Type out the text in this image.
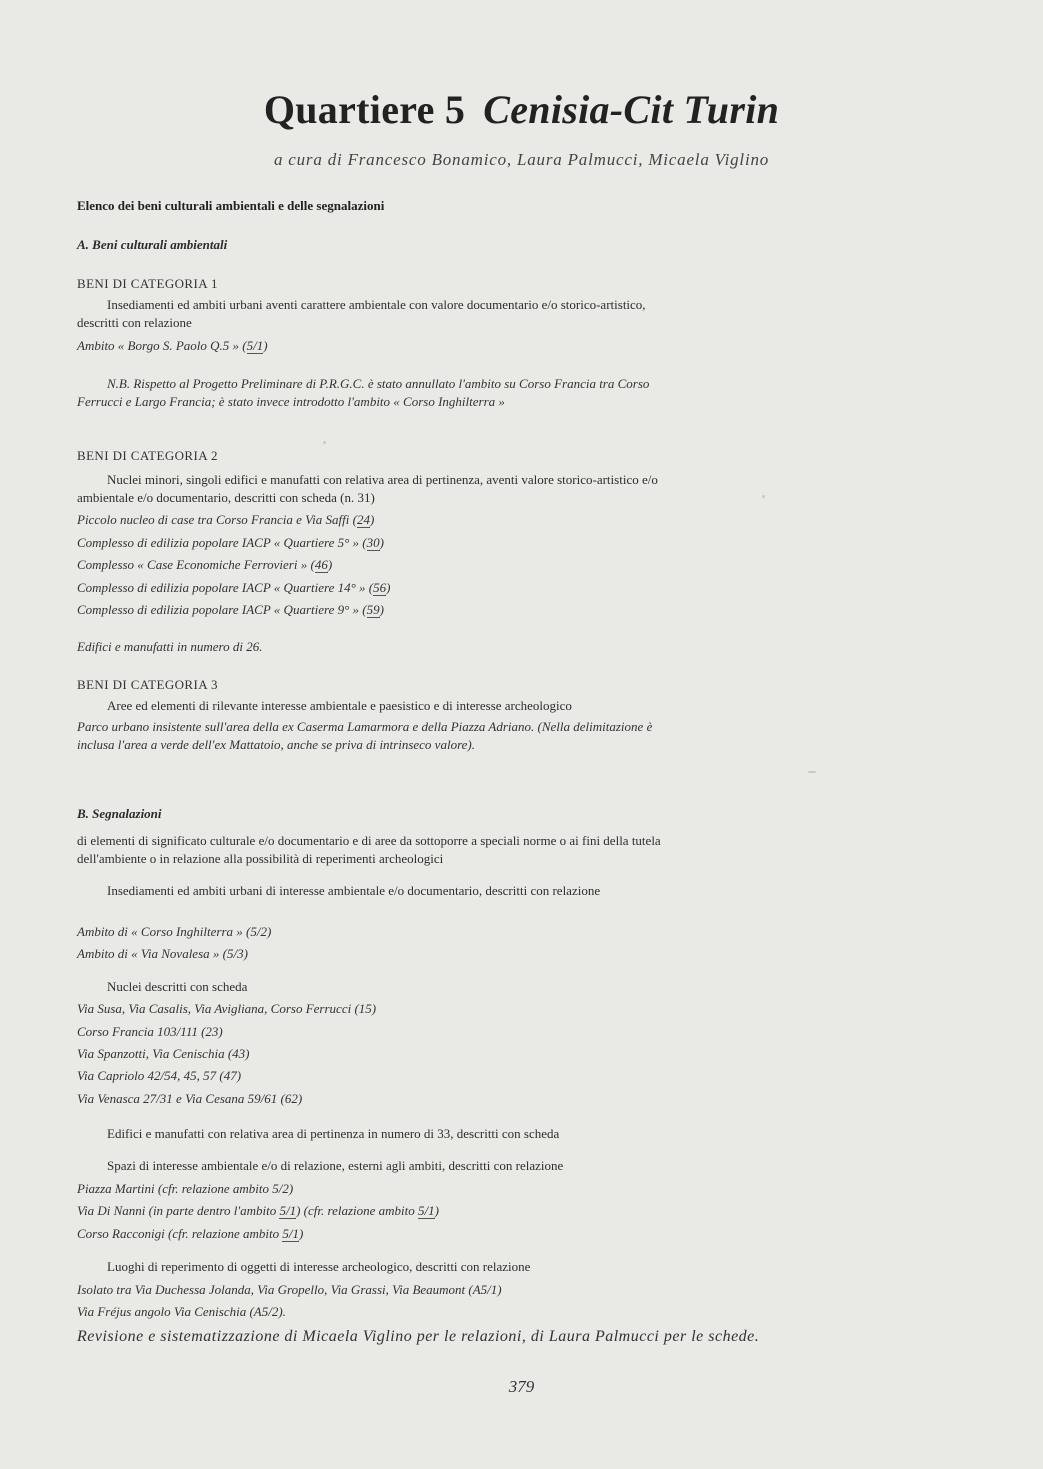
Quartiere 5 Cenisia-Cit Turin
a cura di Francesco Bonamico, Laura Palmucci, Micaela Viglino
Elenco dei beni culturali ambientali e delle segnalazioni
A. Beni culturali ambientali
BENI DI CATEGORIA 1
Insediamenti ed ambiti urbani aventi carattere ambientale con valore documentario e/o storico-artistico, descritti con relazione
Ambito « Borgo S. Paolo Q.5 » (5/1)
N.B. Rispetto al Progetto Preliminare di P.R.G.C. è stato annullato l'ambito su Corso Francia tra Corso Ferrucci e Largo Francia; è stato invece introdotto l'ambito « Corso Inghilterra »
BENI DI CATEGORIA 2
Nuclei minori, singoli edifici e manufatti con relativa area di pertinenza, aventi valore storico-artistico e/o ambientale e/o documentario, descritti con scheda (n. 31)
Piccolo nucleo di case tra Corso Francia e Via Saffi (24)
Complesso di edilizia popolare IACP « Quartiere 5° » (30)
Complesso « Case Economiche Ferrovieri » (46)
Complesso di edilizia popolare IACP « Quartiere 14° » (56)
Complesso di edilizia popolare IACP « Quartiere 9° » (59)
Edifici e manufatti in numero di 26.
BENI DI CATEGORIA 3
Aree ed elementi di rilevante interesse ambientale e paesistico e di interesse archeologico
Parco urbano insistente sull'area della ex Caserma Lamarmora e della Piazza Adriano. (Nella delimitazione è inclusa l'area a verde dell'ex Mattatoio, anche se priva di intrinseco valore).
B. Segnalazioni
di elementi di significato culturale e/o documentario e di aree da sottoporre a speciali norme o ai fini della tutela dell'ambiente o in relazione alla possibilità di reperimenti archeologici
Insediamenti ed ambiti urbani di interesse ambientale e/o documentario, descritti con relazione
Ambito di « Corso Inghilterra » (5/2)
Ambito di « Via Novalesa » (5/3)
Nuclei descritti con scheda
Via Susa, Via Casalis, Via Avigliana, Corso Ferrucci (15)
Corso Francia 103/111 (23)
Via Spanzotti, Via Cenischia (43)
Via Capriolo 42/54, 45, 57 (47)
Via Venasca 27/31 e Via Cesana 59/61 (62)
Edifici e manufatti con relativa area di pertinenza in numero di 33, descritti con scheda
Spazi di interesse ambientale e/o di relazione, esterni agli ambiti, descritti con relazione
Piazza Martini (cfr. relazione ambito 5/2)
Via Di Nanni (in parte dentro l'ambito 5/1) (cfr. relazione ambito 5/1)
Corso Racconigi (cfr. relazione ambito 5/1)
Luoghi di reperimento di oggetti di interesse archeologico, descritti con relazione
Isolato tra Via Duchessa Jolanda, Via Gropello, Via Grassi, Via Beaumont (A5/1)
Via Fréjus angolo Via Cenischia (A5/2).
Revisione e sistematizzazione di Micaela Viglino per le relazioni, di Laura Palmucci per le schede.
379
